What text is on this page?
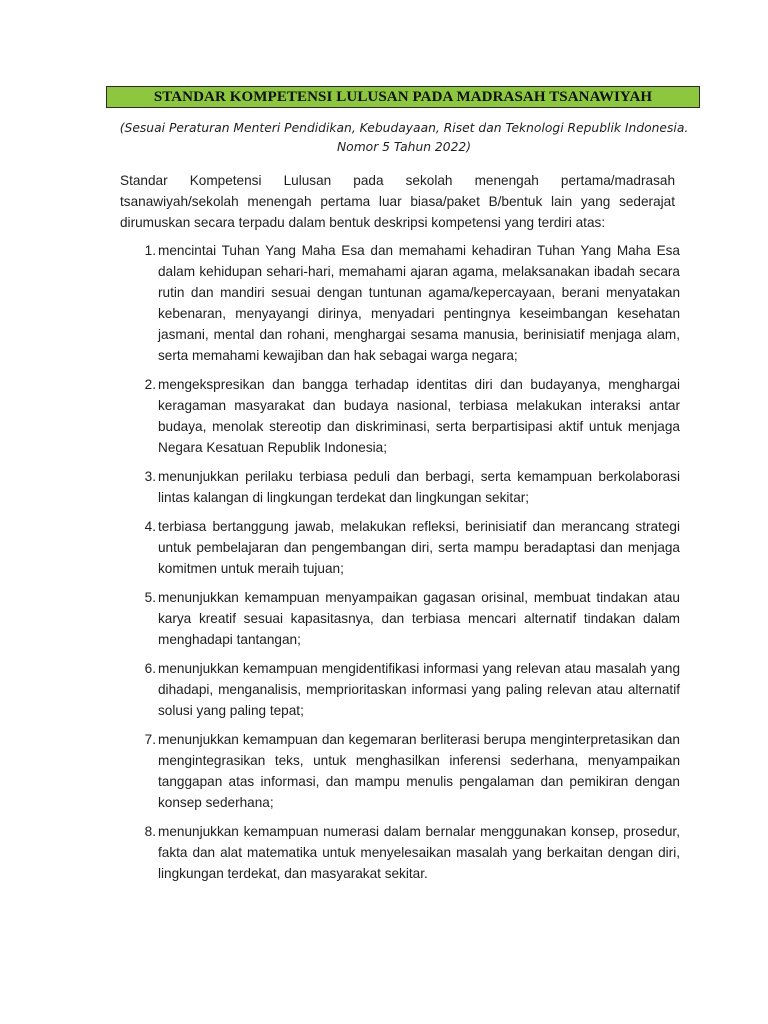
STANDAR KOMPETENSI LULUSAN PADA MADRASAH TSANAWIYAH
(Sesuai Peraturan Menteri Pendidikan, Kebudayaan, Riset dan Teknologi Republik Indonesia. Nomor 5 Tahun 2022)
Standar Kompetensi Lulusan pada sekolah menengah pertama/madrasah tsanawiyah/sekolah menengah pertama luar biasa/paket B/bentuk lain yang sederajat dirumuskan secara terpadu dalam bentuk deskripsi kompetensi yang terdiri atas:
1. mencintai Tuhan Yang Maha Esa dan memahami kehadiran Tuhan Yang Maha Esa dalam kehidupan sehari-hari, memahami ajaran agama, melaksanakan ibadah secara rutin dan mandiri sesuai dengan tuntunan agama/kepercayaan, berani menyatakan kebenaran, menyayangi dirinya, menyadari pentingnya keseimbangan kesehatan jasmani, mental dan rohani, menghargai sesama manusia, berinisiatif menjaga alam, serta memahami kewajiban dan hak sebagai warga negara;
2. mengekspresikan dan bangga terhadap identitas diri dan budayanya, menghargai keragaman masyarakat dan budaya nasional, terbiasa melakukan interaksi antar budaya, menolak stereotip dan diskriminasi, serta berpartisipasi aktif untuk menjaga Negara Kesatuan Republik Indonesia;
3. menunjukkan perilaku terbiasa peduli dan berbagi, serta kemampuan berkolaborasi lintas kalangan di lingkungan terdekat dan lingkungan sekitar;
4. terbiasa bertanggung jawab, melakukan refleksi, berinisiatif dan merancang strategi untuk pembelajaran dan pengembangan diri, serta mampu beradaptasi dan menjaga komitmen untuk meraih tujuan;
5. menunjukkan kemampuan menyampaikan gagasan orisinal, membuat tindakan atau karya kreatif sesuai kapasitasnya, dan terbiasa mencari alternatif tindakan dalam menghadapi tantangan;
6. menunjukkan kemampuan mengidentifikasi informasi yang relevan atau masalah yang dihadapi, menganalisis, memprioritaskan informasi yang paling relevan atau alternatif solusi yang paling tepat;
7. menunjukkan kemampuan dan kegemaran berliterasi berupa menginterpretasikan dan mengintegrasikan teks, untuk menghasilkan inferensi sederhana, menyampaikan tanggapan atas informasi, dan mampu menulis pengalaman dan pemikiran dengan konsep sederhana;
8. menunjukkan kemampuan numerasi dalam bernalar menggunakan konsep, prosedur, fakta dan alat matematika untuk menyelesaikan masalah yang berkaitan dengan diri, lingkungan terdekat, dan masyarakat sekitar.
